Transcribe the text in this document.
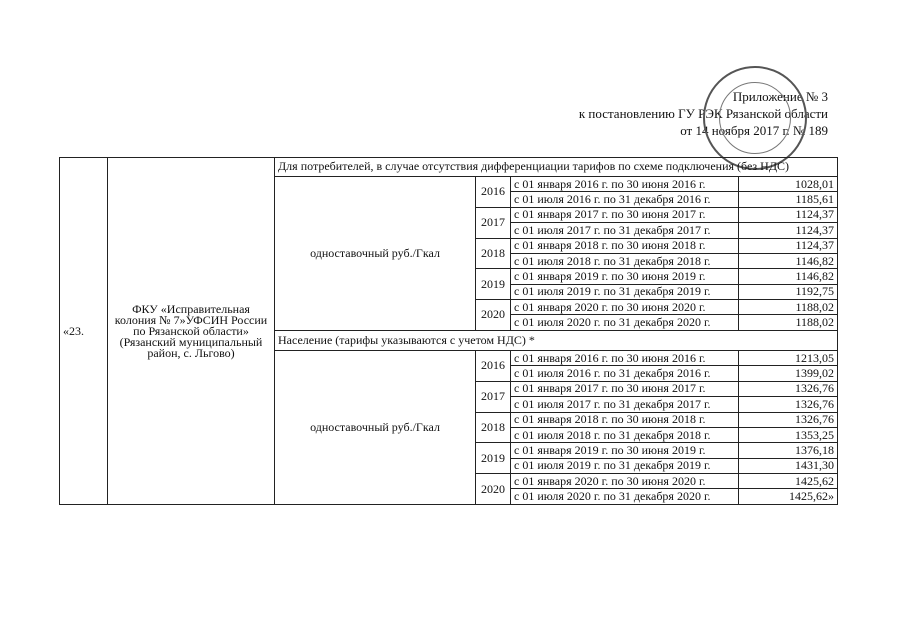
Приложение № 3
к постановлению ГУ РЭК Рязанской области
от 14 ноября 2017 г. № 189
«23.	ФКУ «Исправительная колония № 7»УФСИН России по Рязанской области» (Рязанский муниципальный район, с. Льгово)	Для потребителей, в случае отсутствия дифференциации тарифов по схеме подключения (без НДС)			
		одноставочный руб./Гкал	2016	с 01 января 2016 г. по 30 июня 2016 г.	1028,01
				с 01 июля 2016 г. по 31 декабря 2016 г.	1185,61
			2017	с 01 января 2017 г. по 30 июня 2017 г.	1124,37
				с 01 июля 2017 г. по 31 декабря 2017 г.	1124,37
			2018	с 01 января 2018 г. по 30 июня 2018 г.	1124,37
				с 01 июля 2018 г. по 31 декабря 2018 г.	1146,82
			2019	с 01 января 2019 г. по 30 июня 2019 г.	1146,82
				с 01 июля 2019 г. по 31 декабря 2019 г.	1192,75
			2020	с 01 января 2020 г. по 30 июня 2020 г.	1188,02
				с 01 июля 2020 г. по 31 декабря 2020 г.	1188,02
		Население (тарифы указываются с учетом НДС) *			
		одноставочный руб./Гкал	2016	с 01 января 2016 г. по 30 июня 2016 г.	1213,05
				с 01 июля 2016 г. по 31 декабря 2016 г.	1399,02
			2017	с 01 января 2017 г. по 30 июня 2017 г.	1326,76
				с 01 июля 2017 г. по 31 декабря 2017 г.	1326,76
			2018	с 01 января 2018 г. по 30 июня 2018 г.	1326,76
				с 01 июля 2018 г. по 31 декабря 2018 г.	1353,25
			2019	с 01 января 2019 г. по 30 июня 2019 г.	1376,18
				с 01 июля 2019 г. по 31 декабря 2019 г.	1431,30
			2020	с 01 января 2020 г. по 30 июня 2020 г.	1425,62
				с 01 июля 2020 г. по 31 декабря 2020 г.	1425,62»
